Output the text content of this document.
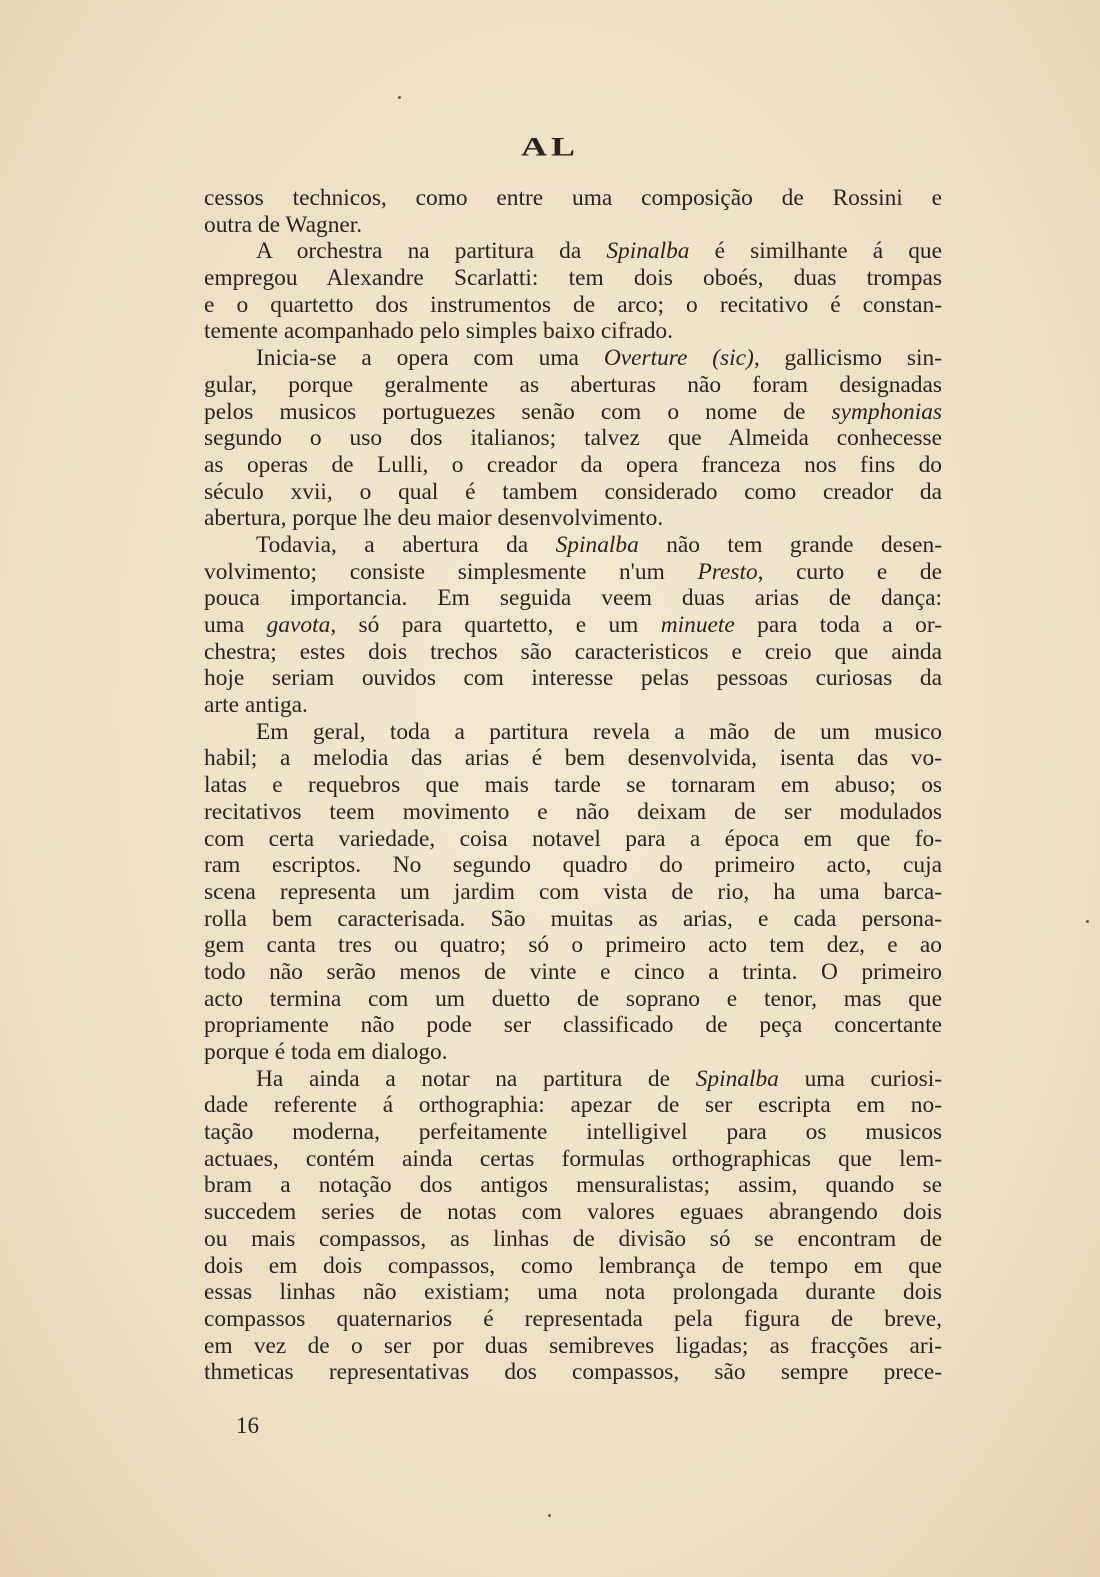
AL
cessos technicos, como entre uma composição de Rossini e
outra de Wagner.
A orchestra na partitura da Spinalba é similhante á que
empregou Alexandre Scarlatti: tem dois oboés, duas trompas
e o quartetto dos instrumentos de arco; o recitativo é constan-
temente acompanhado pelo simples baixo cifrado.
Inicia-se a opera com uma Overture (sic), gallicismo sin-
gular, porque geralmente as aberturas não foram designadas
pelos musicos portuguezes senão com o nome de symphonias
segundo o uso dos italianos; talvez que Almeida conhecesse
as operas de Lulli, o creador da opera franceza nos fins do
século xvii, o qual é tambem considerado como creador da
abertura, porque lhe deu maior desenvolvimento.
Todavia, a abertura da Spinalba não tem grande desen-
volvimento; consiste simplesmente n'um Presto, curto e de
pouca importancia. Em seguida veem duas arias de dança:
uma gavota, só para quartetto, e um minuete para toda a or-
chestra; estes dois trechos são caracteristicos e creio que ainda
hoje seriam ouvidos com interesse pelas pessoas curiosas da
arte antiga.
Em geral, toda a partitura revela a mão de um musico
habil; a melodia das arias é bem desenvolvida, isenta das vo-
latas e requebros que mais tarde se tornaram em abuso; os
recitativos teem movimento e não deixam de ser modulados
com certa variedade, coisa notavel para a época em que fo-
ram escriptos. No segundo quadro do primeiro acto, cuja
scena representa um jardim com vista de rio, ha uma barca-
rolla bem caracterisada. São muitas as arias, e cada persona-
gem canta tres ou quatro; só o primeiro acto tem dez, e ao
todo não serão menos de vinte e cinco a trinta. O primeiro
acto termina com um duetto de soprano e tenor, mas que
propriamente não pode ser classificado de peça concertante
porque é toda em dialogo.
Ha ainda a notar na partitura de Spinalba uma curiosi-
dade referente á orthographia: apezar de ser escripta em no-
tação moderna, perfeitamente intelligivel para os musicos
actuaes, contém ainda certas formulas orthographicas que lem-
bram a notação dos antigos mensuralistas; assim, quando se
succedem series de notas com valores eguaes abrangendo dois
ou mais compassos, as linhas de divisão só se encontram de
dois em dois compassos, como lembrança de tempo em que
essas linhas não existiam; uma nota prolongada durante dois
compassos quaternarios é representada pela figura de breve,
em vez de o ser por duas semibreves ligadas; as fracções ari-
thmeticas representativas dos compassos, são sempre prece-
16
